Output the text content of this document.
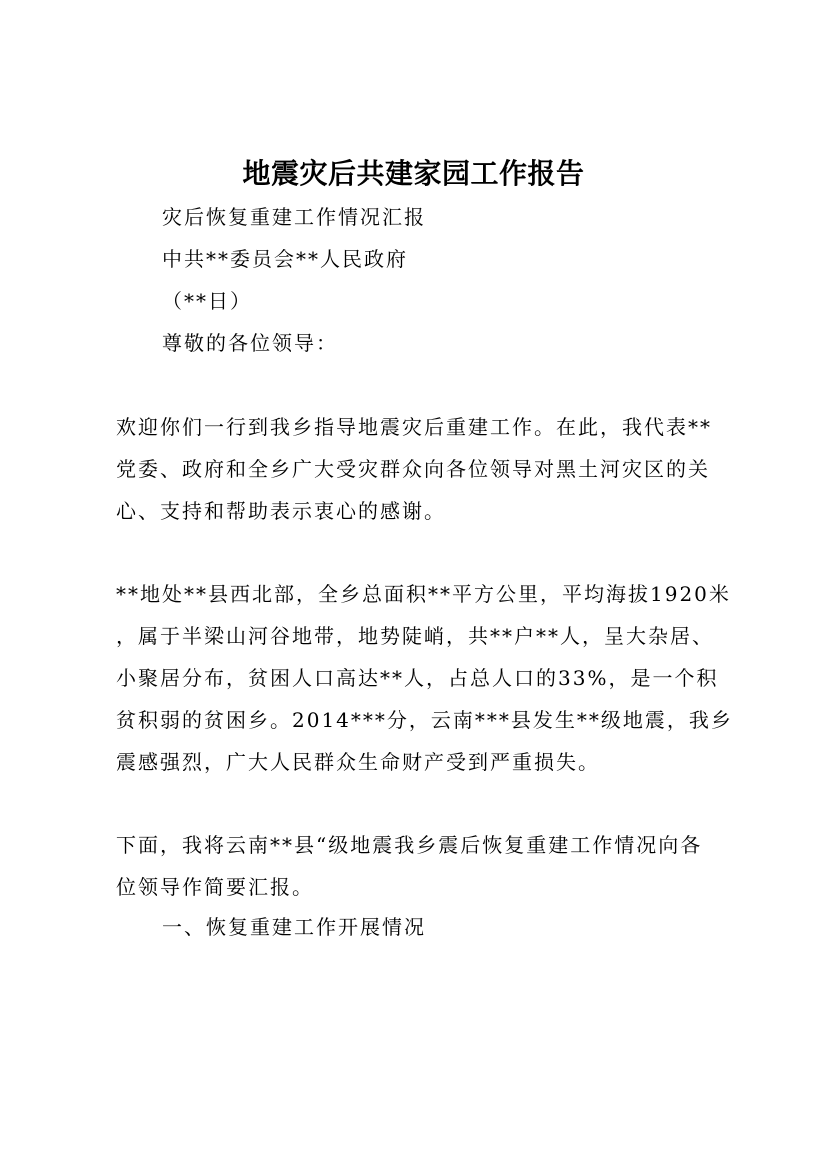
地震灾后共建家园工作报告
灾后恢复重建工作情况汇报
中共**委员会**人民政府
（**日）
尊敬的各位领导：
欢迎你们一行到我乡指导地震灾后重建工作。在此，我代表**
党委、政府和全乡广大受灾群众向各位领导对黑土河灾区的关
心、支持和帮助表示衷心的感谢。
**地处**县西北部，全乡总面积**平方公里，平均海拔1920米
，属于半梁山河谷地带，地势陡峭，共**户**人，呈大杂居、
小聚居分布，贫困人口高达**人，占总人口的33%，是一个积
贫积弱的贫困乡。2014***分，云南***县发生**级地震，我乡
震感强烈，广大人民群众生命财产受到严重损失。
下面，我将云南**县“级地震我乡震后恢复重建工作情况向各
位领导作简要汇报。
一、恢复重建工作开展情况
